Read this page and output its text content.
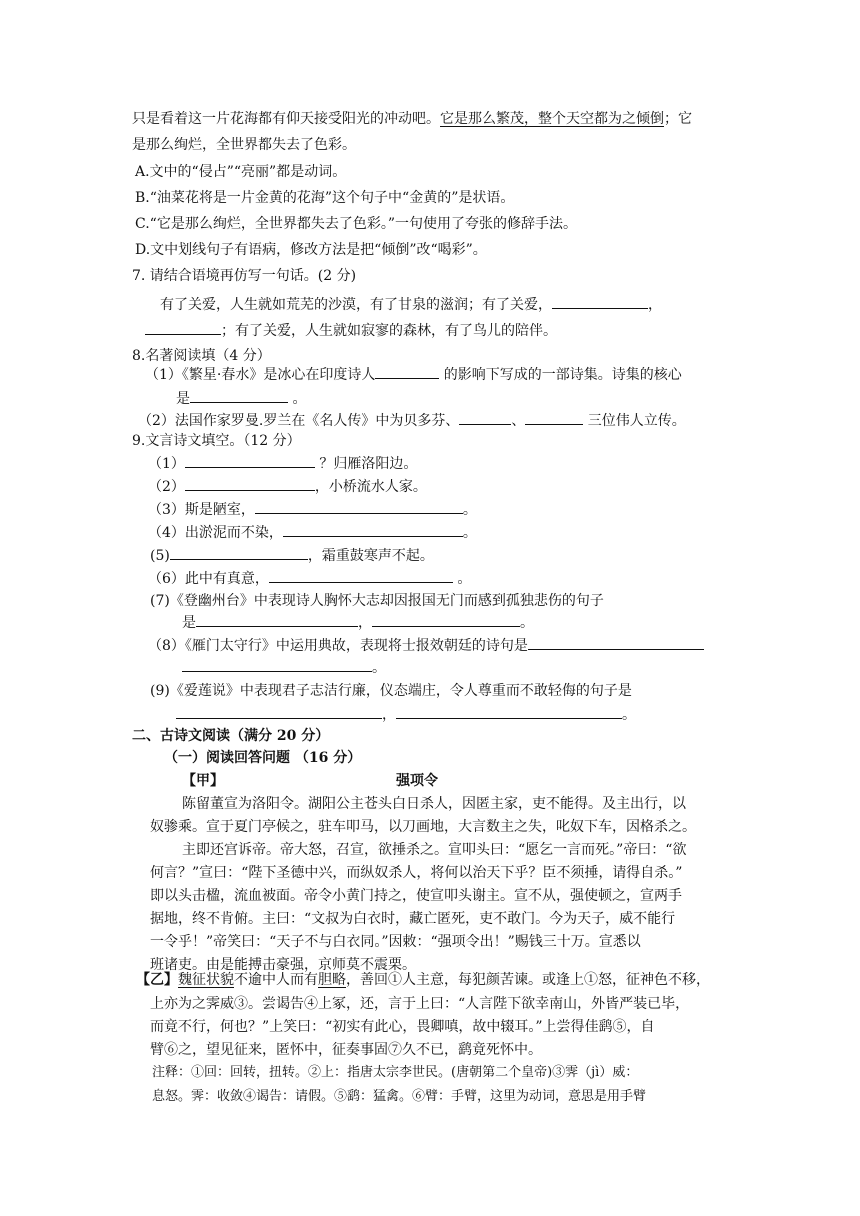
只是看着这一片花海都有仰天接受阳光的冲动吧。它是那么繁茂，整个天空都为之倾倒；它
是那么绚烂，全世界都失去了色彩。
A.文中的“侵占”“亮丽”都是动词。
B.“油菜花将是一片金黄的花海”这个句子中“金黄的”是状语。
C.“它是那么绚烂，全世界都失去了色彩。”一句使用了夸张的修辞手法。
D.文中划线句子有语病，修改方法是把“倾倒”改“喝彩”。
7. 请结合语境再仿写一句话。(2 分)
有了关爱，人生就如荒芜的沙漠，有了甘泉的滋润；有了关爱，	，
；有了关爱，人生就如寂寥的森林，有了鸟儿的陪伴。
8.名著阅读填（4 分）
（1）《繁星·春水》是冰心在印度诗人	的影响下写成的一部诗集。诗集的核心
是	。
（2）法国作家罗曼.罗兰在《名人传》中为贝多芬、	、	三位伟人立传。
9.文言诗文填空。（12 分）
（1）	？归雁洛阳边。
（2）	，小桥流水人家。
（3）斯是陋室，	。
（4）出淤泥而不染，	。
(5)	，霜重鼓寒声不起。
（6）此中有真意，	。
(7)《登幽州台》中表现诗人胸怀大志却因报国无门而感到孤独悲伤的句子
是	，	。
（8）《雁门太守行》中运用典故，表现将士报效朝廷的诗句是
。
(9)《爱莲说》中表现君子志洁行廉，仪态端庄，令人尊重而不敢轻侮的句子是
，	。
二、古诗文阅读（满分 20 分）
（一）阅读回答问题 （16 分）
【甲】	强项令
陈留董宣为洛阳令。湖阳公主苍头白日杀人，因匿主家，吏不能得。及主出行，以
奴骖乘。宣于夏门亭候之，驻车叩马，以刀画地，大言数主之失，叱奴下车，因格杀之。
主即还宫诉帝。帝大怒，召宣，欲捶杀之。宣叩头曰：“愿乞一言而死。”帝曰：“欲
何言？”宣曰：“陛下圣德中兴，而纵奴杀人，将何以治天下乎？臣不须捶，请得自杀。”
即以头击楹，流血被面。帝令小黄门持之，使宣叩头谢主。宣不从，强使顿之，宣两手
据地，终不肯俯。主曰：“文叔为白衣时，藏亡匿死，吏不敢门。今为天子，威不能行
一令乎！”帝笑曰：“天子不与白衣同。”因敕：“强项令出！”赐钱三十万。宣悉以
班诸吏。由是能搏击豪强，京师莫不震栗。
【乙】魏征状貌不逾中人而有胆略，善回①人主意，每犯颜苦谏。或逢上①怒，征神色不移，
上亦为之霁威③。尝谒告④上冢，还，言于上曰：“人言陛下欲幸南山，外皆严装已毕，
而竟不行，何也？”上笑曰：“初实有此心，畏卿嗔，故中辍耳。”上尝得佳鹞⑤，自
臂⑥之，望见征来，匿怀中，征奏事固⑦久不已，鹞竟死怀中。
注释：①回：回转，扭转。②上：指唐太宗李世民。(唐朝第二个皇帝)③霁（jì）威：
息怒。霁：收敛④谒告：请假。⑤鹞：猛禽。⑥臂：手臂，这里为动词，意思是用手臂
